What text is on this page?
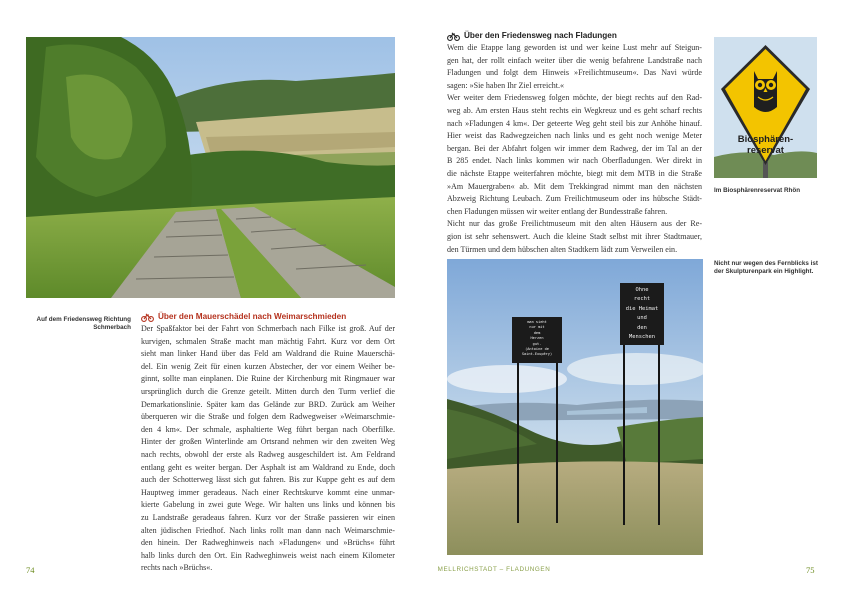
Auf dem Friedensweg Richtung
Schmerbach
Über den Mauerschädel nach Weimarschmieden
Der Spaßfaktor bei der Fahrt von Schmerbach nach Filke ist groß. Auf der
kurvigen, schmalen Straße macht man mächtig Fahrt. Kurz vor dem Ort
sieht man linker Hand über das Feld am Waldrand die Ruine Mauerschä-
del. Ein wenig Zeit für einen kurzen Abstecher, der vor einem Weiher be-
ginnt, sollte man einplanen. Die Ruine der Kirchenburg mit Ringmauer war
ursprünglich durch die Grenze geteilt. Mitten durch den Turm verlief die
Demarkationslinie. Später kam das Gelände zur BRD. Zurück am Weiher
überqueren wir die Straße und folgen dem Radwegweiser »Weimarschmie-
den 4 km«. Der schmale, asphaltierte Weg führt bergan nach Oberfilke.
Hinter der großen Winterlinde am Ortsrand nehmen wir den zweiten Weg
nach rechts, obwohl der erste als Radweg ausgeschildert ist. Am Feldrand
entlang geht es weiter bergan. Der Asphalt ist am Waldrand zu Ende, doch
auch der Schotterweg lässt sich gut fahren. Bis zur Kuppe geht es auf dem
Hauptweg immer geradeaus. Nach einer Rechtskurve kommt eine unmar-
kierte Gabelung in zwei gute Wege. Wir halten uns links und können bis
zu Landstraße geradeaus fahren. Kurz vor der Straße passieren wir einen
alten jüdischen Friedhof. Nach links rollt man dann nach Weimarschmie-
den hinein. Der Radweghinweis nach »Fladungen« und »Brüchs« führt
halb links durch den Ort. Ein Radweghinweis weist nach einem Kilometer
rechts nach »Brüchs«.
74
Über den Friedensweg nach Fladungen
Wem die Etappe lang geworden ist und wer keine Lust mehr auf Steigun-
gen hat, der rollt einfach weiter über die wenig befahrene Landstraße nach
Fladungen und folgt dem Hinweis »Freilichtmuseum«. Das Navi würde
sagen: »Sie haben Ihr Ziel erreicht.«
Wer weiter dem Friedensweg folgen möchte, der biegt rechts auf den Rad-
weg ab. Am ersten Haus steht rechts ein Wegkreuz und es geht scharf rechts
nach »Fladungen 4 km«. Der geteerte Weg geht steil bis zur Anhöhe hinauf.
Hier weist das Radwegzeichen nach links und es geht noch wenige Meter
bergan. Bei der Abfahrt folgen wir immer dem Radweg, der im Tal an der
B 285 endet. Nach links kommen wir nach Oberfladungen. Wer direkt in
die nächste Etappe weiterfahren möchte, biegt mit dem MTB in die Straße
»Am Mauergraben« ab. Mit dem Trekkingrad nimmt man den nächsten
Abzweig Richtung Leubach. Zum Freilichtmuseum oder ins hübsche Städt-
chen Fladungen müssen wir weiter entlang der Bundesstraße fahren.
Nicht nur das große Freilichtmuseum mit den alten Häusern aus der Re-
gion ist sehr sehenswert. Auch die kleine Stadt selbst mit ihrer Stadtmauer,
den Türmen und dem hübschen alten Stadtkern lädt zum Verweilen ein.
Biosphären-
reservat
Im Biosphärenreservat Rhön
man sieht
nur mit
dem
Herzen
gut.
(Antoine de
Saint-Exupéry)
Ohne
recht
die Heimat
und
den
Menschen
Nicht nur wegen des Fernblicks ist
der Skulpturenpark ein Highlight.
MELLRICHSTADT – FLADUNGEN	75
